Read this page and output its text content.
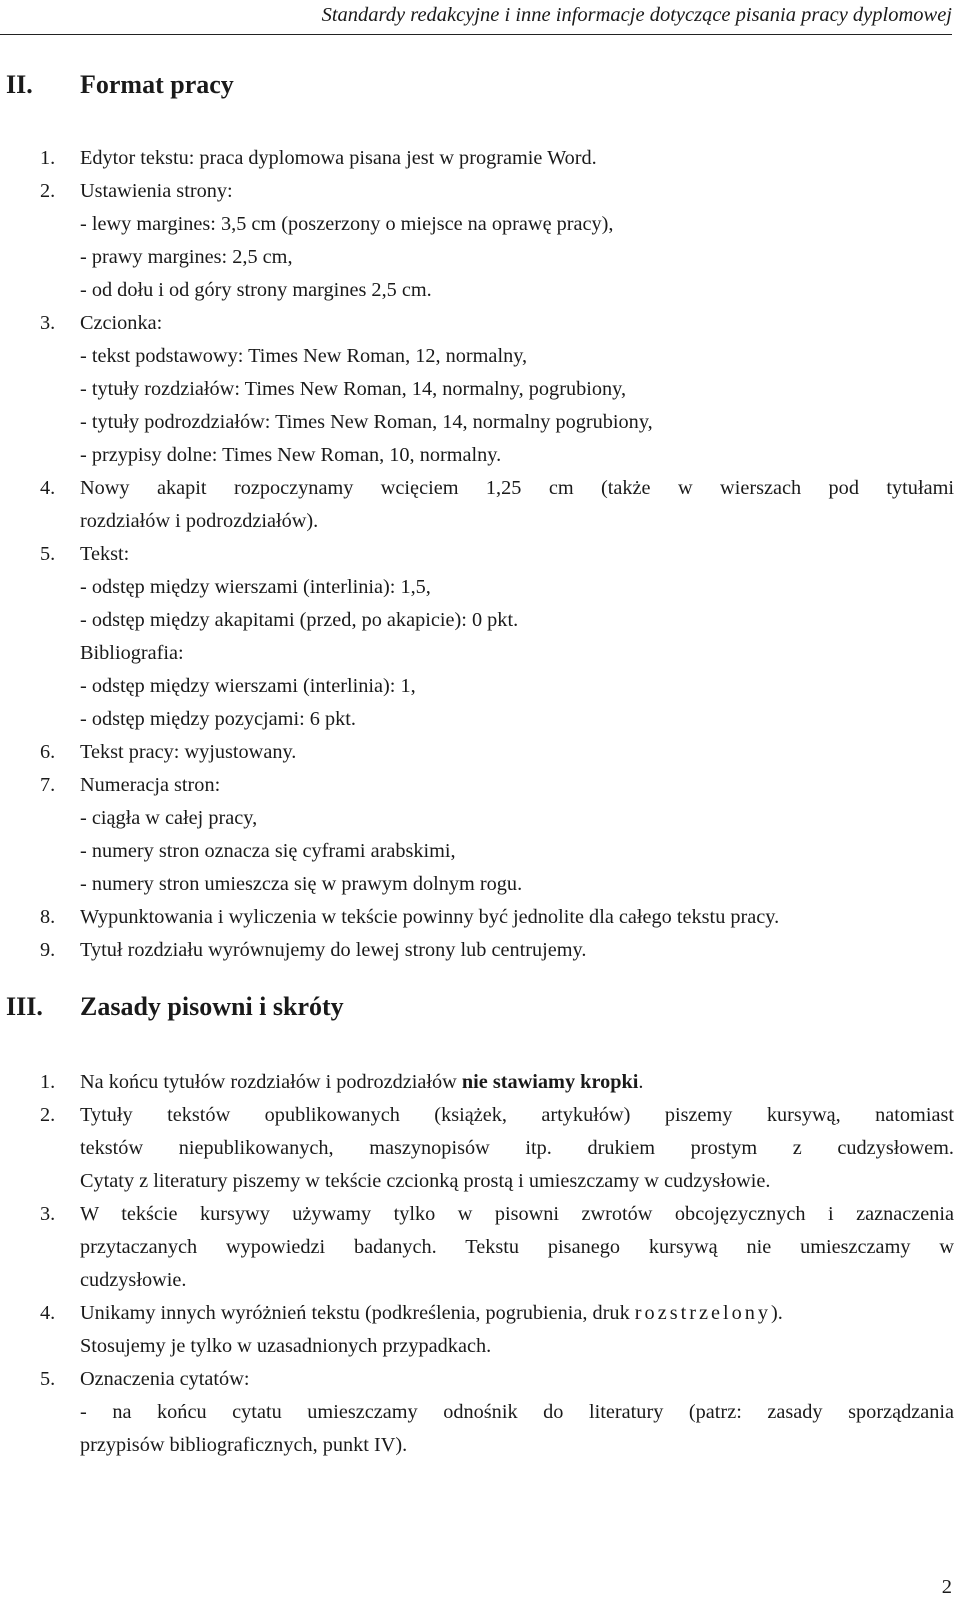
Standardy redakcyjne i inne informacje dotyczące pisania pracy dyplomowej
II. Format pracy
1. Edytor tekstu: praca dyplomowa pisana jest w programie Word.
2. Ustawienia strony:
- lewy margines: 3,5 cm (poszerzony o miejsce na oprawę pracy),
- prawy margines: 2,5 cm,
- od dołu i od góry strony margines 2,5 cm.
3. Czcionka:
- tekst podstawowy: Times New Roman, 12, normalny,
- tytuły rozdziałów: Times New Roman, 14, normalny, pogrubiony,
- tytuły podrozdziałów: Times New Roman, 14, normalny pogrubiony,
- przypisy dolne: Times New Roman, 10, normalny.
4. Nowy akapit rozpoczynamy wcięciem 1,25 cm (także w wierszach pod tytułami
rozdziałów i podrozdziałów).
5. Tekst:
- odstęp między wierszami (interlinia): 1,5,
- odstęp między akapitami (przed, po akapicie): 0 pkt.
Bibliografia:
- odstęp między wierszami (interlinia): 1,
- odstęp między pozycjami: 6 pkt.
6. Tekst pracy: wyjustowany.
7. Numeracja stron:
- ciągła w całej pracy,
- numery stron oznacza się cyframi arabskimi,
- numery stron umieszcza się w prawym dolnym rogu.
8. Wypunktowania i wyliczenia w tekście powinny być jednolite dla całego tekstu pracy.
9. Tytuł rozdziału wyrównujemy do lewej strony lub centrujemy.
III. Zasady pisowni i skróty
1. Na końcu tytułów rozdziałów i podrozdziałów nie stawiamy kropki.
2. Tytuły tekstów opublikowanych (książek, artykułów) piszemy kursywą, natomiast
tekstów niepublikowanych, maszynopisów itp. drukiem prostym z cudzysłowem.
Cytaty z literatury piszemy w tekście czcionką prostą i umieszczamy w cudzysłowie.
3. W tekście kursywy używamy tylko w pisowni zwrotów obcojęzycznych i zaznaczenia
przytaczanych wypowiedzi badanych. Tekstu pisanego kursywą nie umieszczamy w
cudzysłowie.
4. Unikamy innych wyróżnień tekstu (podkreślenia, pogrubienia, druk rozstrzelony).
Stosujemy je tylko w uzasadnionych przypadkach.
5. Oznaczenia cytatów:
- na końcu cytatu umieszczamy odnośnik do literatury (patrz: zasady sporządzania
przypisów bibliograficznych, punkt IV).
2
